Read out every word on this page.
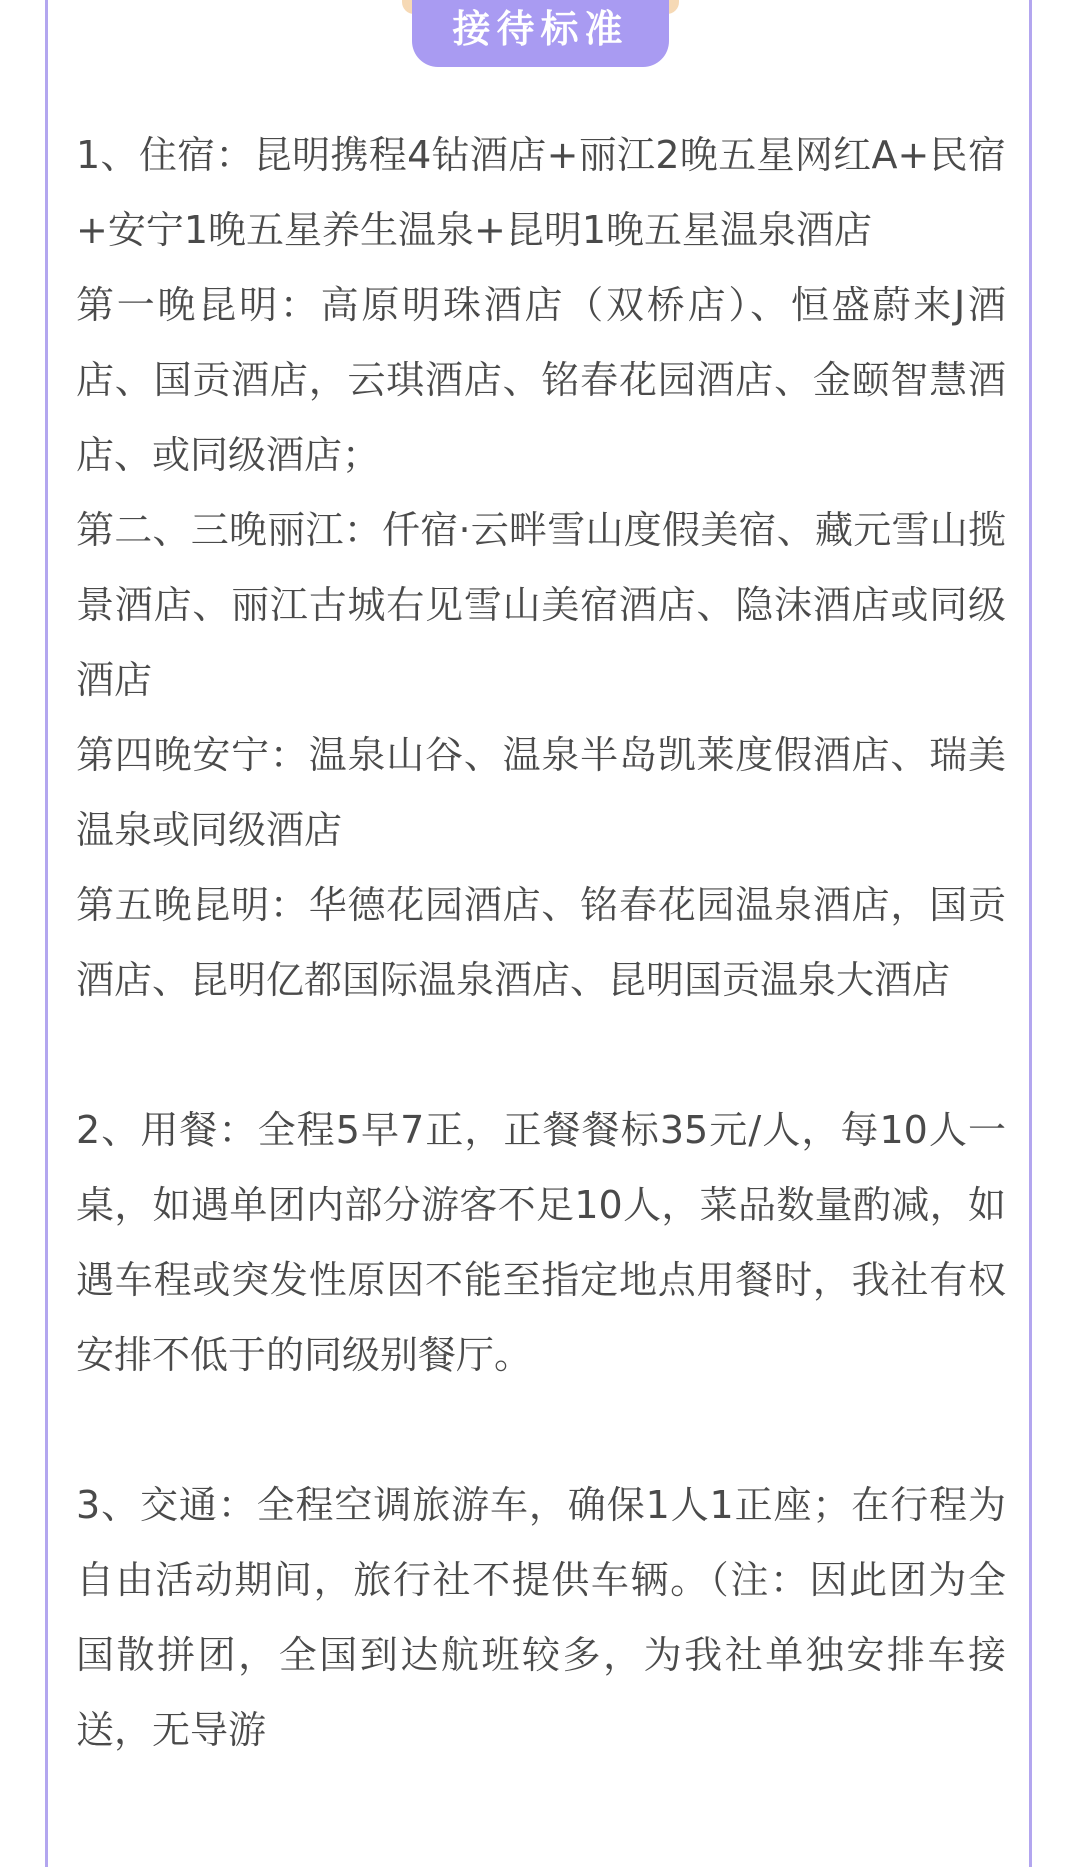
接待标准

1、住宿：昆明携程4钻酒店+丽江2晚五星网红A+民宿+安宁1晚五星养生温泉+昆明1晚五星温泉酒店

第一晚昆明：高原明珠酒店（双桥店）、恒盛蔚来J酒店、国贡酒店，云琪酒店、铭春花园酒店、金颐智慧酒店、或同级酒店；

第二、三晚丽江：仟宿·云畔雪山度假美宿、藏元雪山揽景酒店、丽江古城右见雪山美宿酒店、隐沫酒店或同级酒店

第四晚安宁：温泉山谷、温泉半岛凯莱度假酒店、瑞美温泉或同级酒店

第五晚昆明：华德花园酒店、铭春花园温泉酒店，国贡酒店、昆明亿都国际温泉酒店、昆明国贡温泉大酒店

2、用餐：全程5早7正，正餐餐标35元/人，每10人一桌，如遇单团内部分游客不足10人，菜品数量酌减，如遇车程或突发性原因不能至指定地点用餐时，我社有权安排不低于的同级别餐厅。

3、交通：全程空调旅游车，确保1人1正座；在行程为自由活动期间，旅行社不提供车辆。（注：因此团为全国散拼团，全国到达航班较多，为我社单独安排车接送，无导游
